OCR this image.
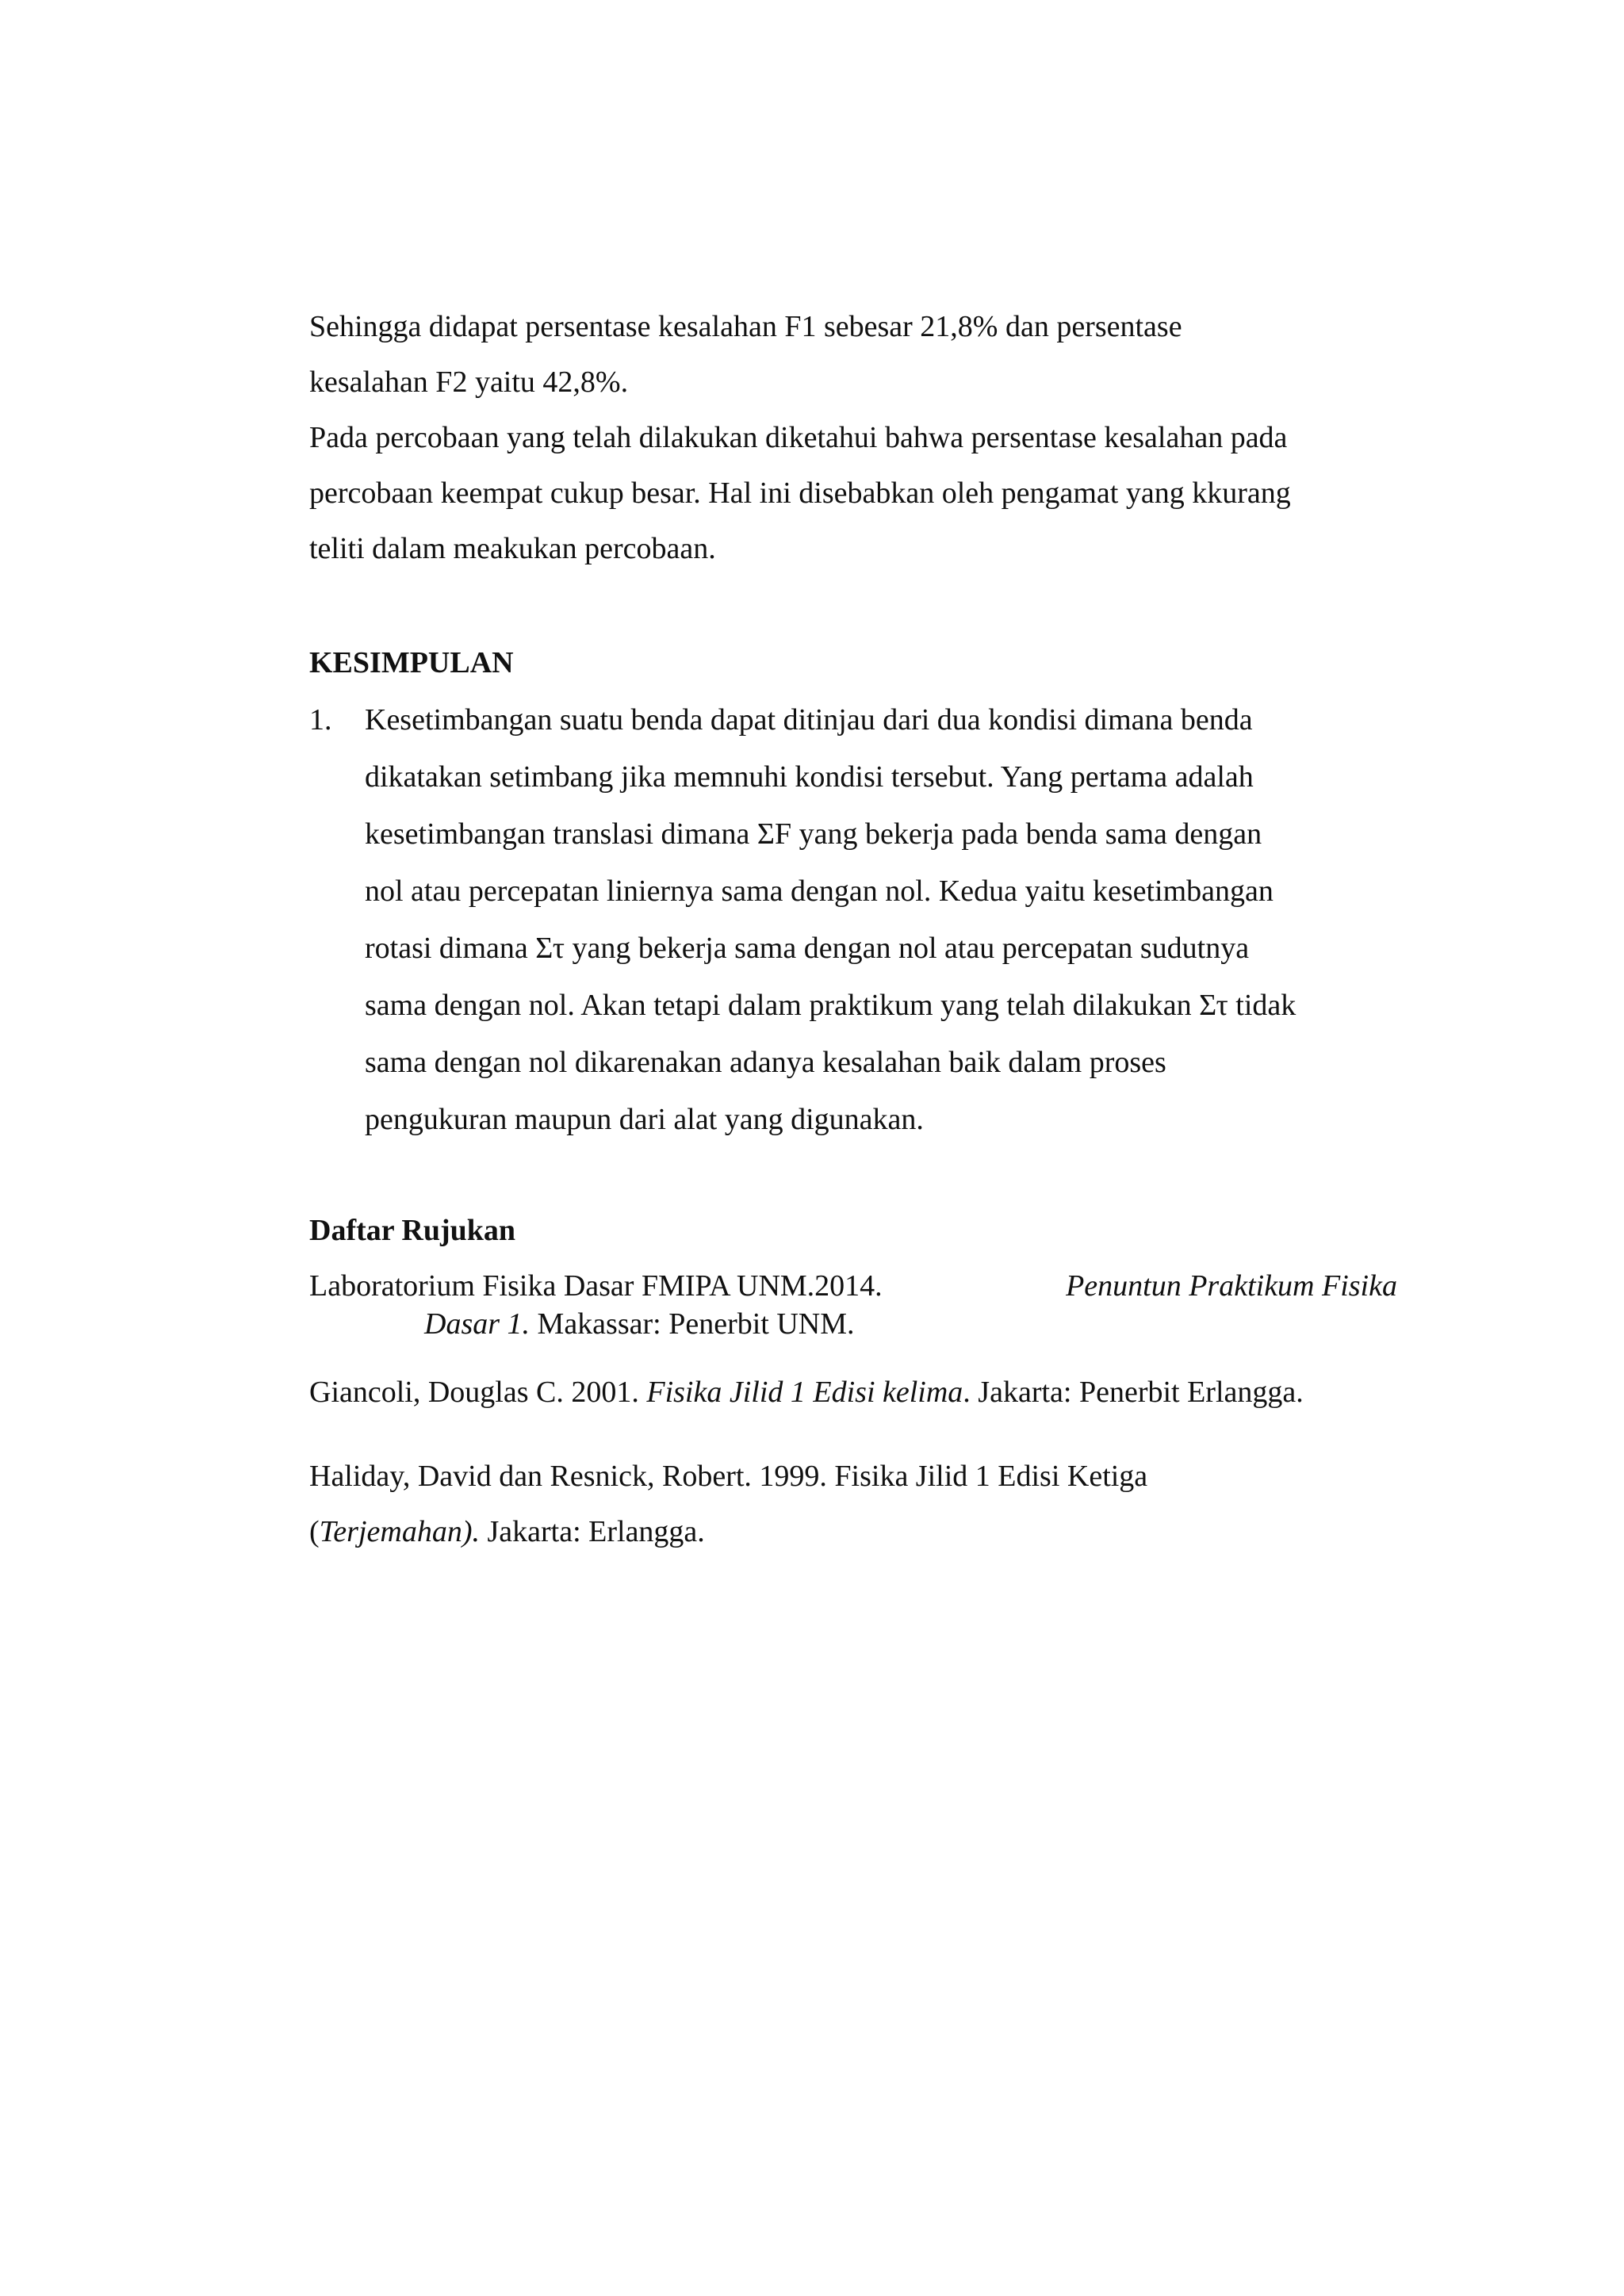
Sehingga didapat persentase kesalahan F1 sebesar 21,8% dan persentase
kesalahan F2 yaitu 42,8%.
Pada percobaan yang telah dilakukan diketahui bahwa persentase kesalahan pada
percobaan keempat cukup besar. Hal ini disebabkan oleh pengamat yang kkurang
teliti dalam meakukan percobaan.
KESIMPULAN
1. Kesetimbangan suatu benda dapat ditinjau dari dua kondisi dimana benda
dikatakan setimbang jika memnuhi kondisi tersebut. Yang pertama adalah
kesetimbangan translasi dimana ΣF yang bekerja pada benda sama dengan
nol atau percepatan liniernya sama dengan nol. Kedua yaitu kesetimbangan
rotasi dimana Στ yang bekerja sama dengan nol atau percepatan sudutnya
sama dengan nol. Akan tetapi dalam praktikum yang telah dilakukan Στ tidak
sama dengan nol dikarenakan adanya kesalahan baik dalam proses
pengukuran maupun dari alat yang digunakan.
Daftar Rujukan
Laboratorium Fisika Dasar FMIPA UNM.2014.	Penuntun Praktikum Fisika
Dasar 1. Makassar: Penerbit UNM.
Giancoli, Douglas C. 2001. Fisika Jilid 1 Edisi kelima. Jakarta: Penerbit Erlangga.
Haliday, David dan Resnick, Robert. 1999. Fisika Jilid 1 Edisi Ketiga
(Terjemahan). Jakarta: Erlangga.
